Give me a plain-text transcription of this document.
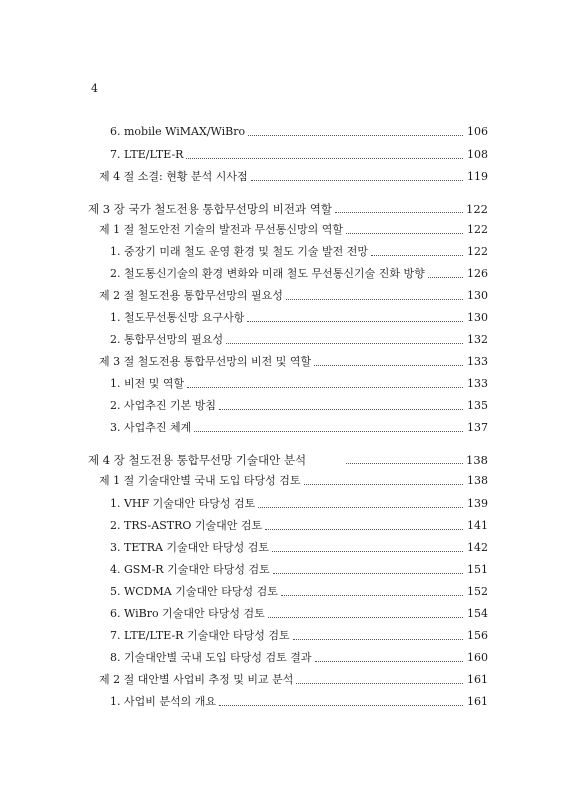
4
6. mobile WiMAX/WiBro	106
7. LTE/LTE-R	108
제 4 절 소결: 현황 분석 시사점	119
제 3 장 국가 철도전용 통합무선망의 비전과 역할	122
제 1 절 철도안전 기술의 발전과 무선통신망의 역할	122
1. 중장기 미래 철도 운영 환경 및 철도 기술 발전 전망	122
2. 철도통신기술의 환경 변화와 미래 철도 무선통신기술 진화 방향	126
제 2 절 철도전용 통합무선망의 필요성	130
1. 철도무선통신망 요구사항	130
2. 통합무선망의 필요성	132
제 3 절 철도전용 통합무선망의 비전 및 역할	133
1. 비전 및 역할	133
2. 사업추진 기본 방침	135
3. 사업추진 체계	137
제 4 장 철도전용 통합무선망 기술대안 분석	138
제 1 절 기술대안별 국내 도입 타당성 검토	138
1. VHF 기술대안 타당성 검토	139
2. TRS-ASTRO 기술대안 검토	141
3. TETRA 기술대안 타당성 검토	142
4. GSM-R 기술대안 타당성 검토	151
5. WCDMA 기술대안 타당성 검토	152
6. WiBro 기술대안 타당성 검토	154
7. LTE/LTE-R 기술대안 타당성 검토	156
8. 기술대안별 국내 도입 타당성 검토 결과	160
제 2 절 대안별 사업비 추정 및 비교 분석	161
1. 사업비 분석의 개요	161
